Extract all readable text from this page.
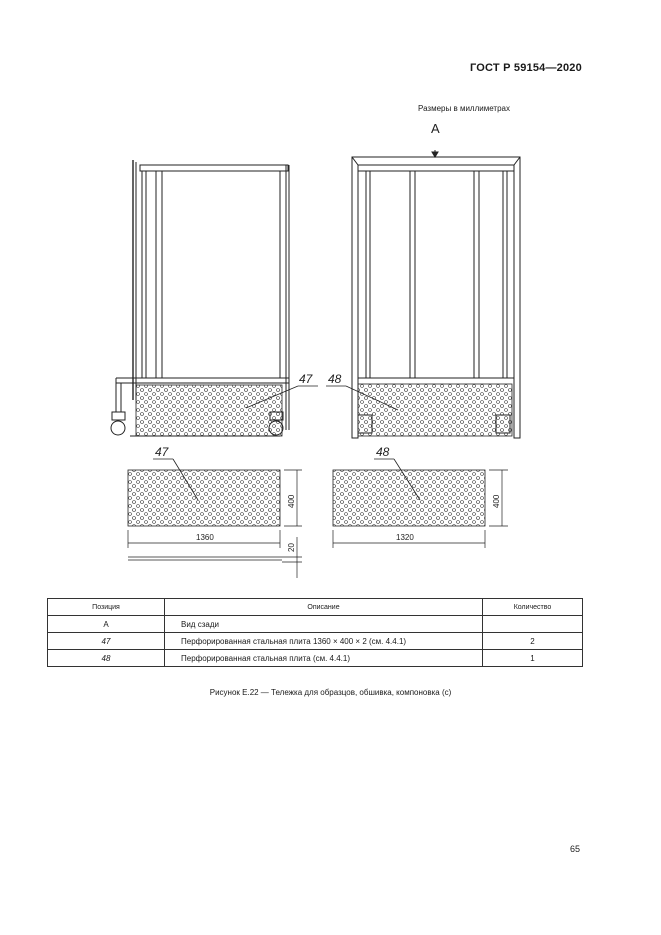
ГОСТ Р 59154—2020
Размеры в миллиметрах
A
47 48
47
1360
400
20
48
1320
400
Позиция	Описание	Количество
A	Вид сзади	
47	Перфорированная стальная плита 1360 × 400 × 2 (см. 4.4.1)	2
48	Перфорированная стальная плита (см. 4.4.1)	1
Рисунок Е.22 — Тележка для образцов, обшивка, компоновка (с)
65
